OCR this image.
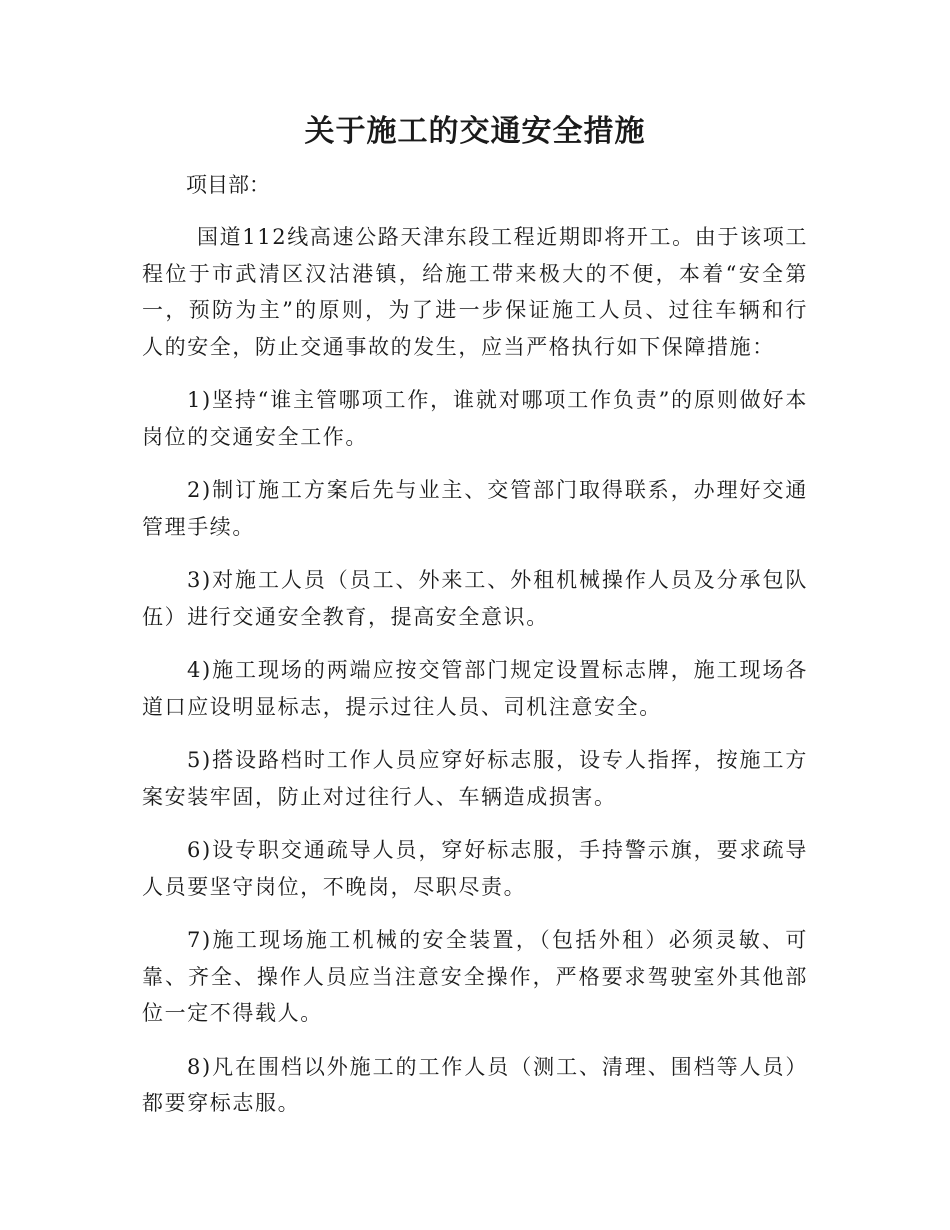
关于施工的交通安全措施
项目部：

国道112线高速公路天津东段工程近期即将开工。由于该项工程位于市武清区汉沽港镇，给施工带来极大的不便，本着“安全第一，预防为主”的原则，为了进一步保证施工人员、过往车辆和行人的安全，防止交通事故的发生，应当严格执行如下保障措施：

1)坚持“谁主管哪项工作，谁就对哪项工作负责”的原则做好本岗位的交通安全工作。

2)制订施工方案后先与业主、交管部门取得联系，办理好交通管理手续。

3)对施工人员（员工、外来工、外租机械操作人员及分承包队伍）进行交通安全教育，提高安全意识。

4)施工现场的两端应按交管部门规定设置标志牌，施工现场各道口应设明显标志，提示过往人员、司机注意安全。

5)搭设路档时工作人员应穿好标志服，设专人指挥，按施工方案安装牢固，防止对过往行人、车辆造成损害。

6)设专职交通疏导人员，穿好标志服，手持警示旗，要求疏导人员要坚守岗位，不晚岗，尽职尽责。

7)施工现场施工机械的安全装置，（包括外租）必须灵敏、可靠、齐全、操作人员应当注意安全操作，严格要求驾驶室外其他部位一定不得载人。

8)凡在围档以外施工的工作人员（测工、清理、围档等人员）都要穿标志服。
